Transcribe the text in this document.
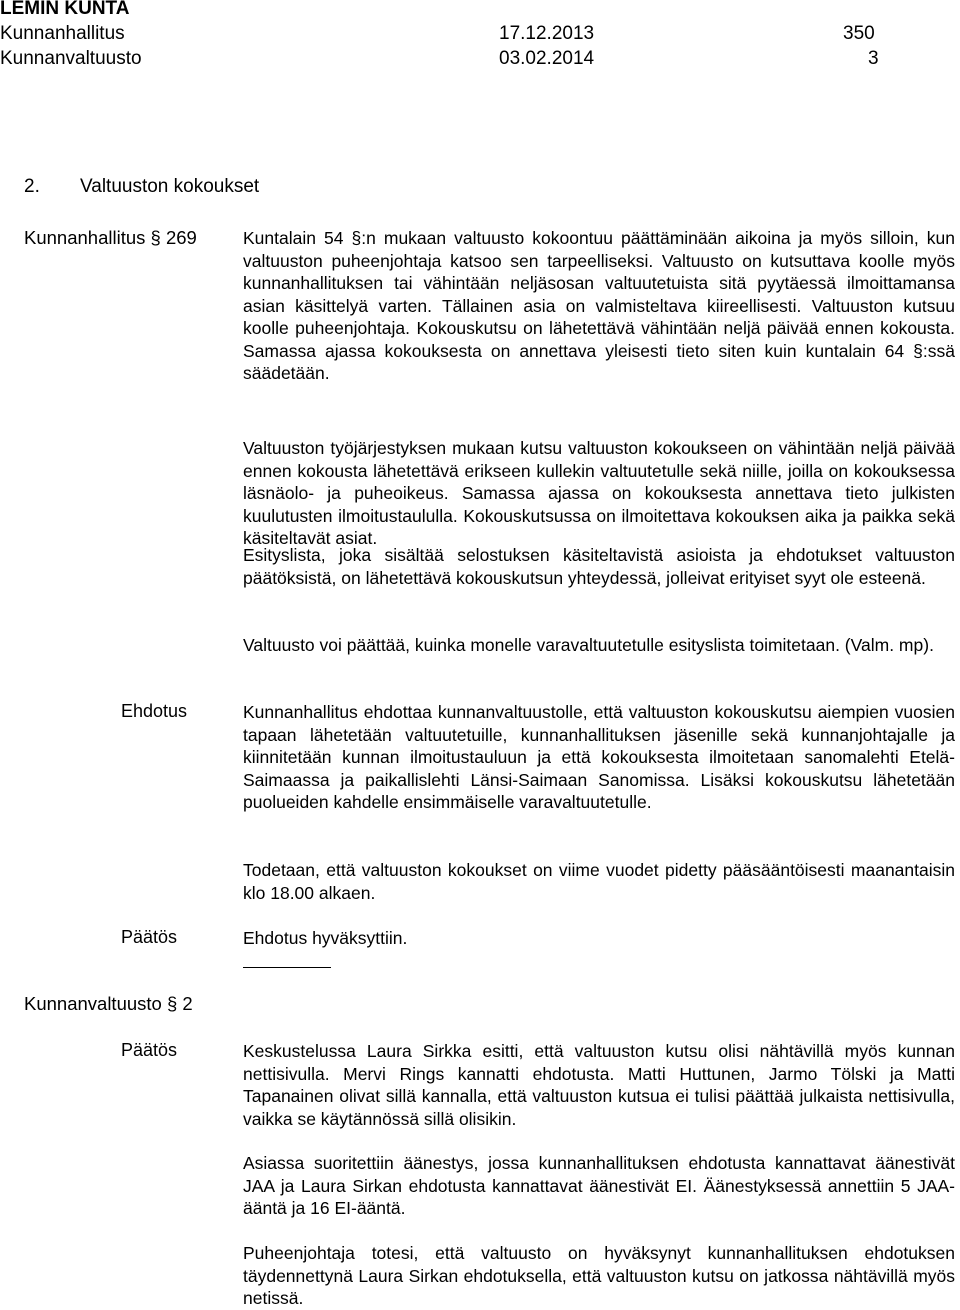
LEMIN KUNTA
Kunnanhallitus	17.12.2013	350
Kunnanvaltuusto	03.02.2014	3
2. Valtuuston kokoukset
Kunnanhallitus § 269	Kuntalain 54 §:n mukaan valtuusto kokoontuu päättäminään aikoina ja myös silloin, kun valtuuston puheenjohtaja katsoo sen tarpeelliseksi. Valtuusto on kutsuttava koolle myös kunnanhallituksen tai vähintään neljäsosan valtuutetuista sitä pyytäessä ilmoittamansa asian käsittelyä varten. Tällainen asia on valmisteltava kiireellisesti. Valtuuston kutsuu koolle puheenjohtaja. Kokouskutsu on lähetettävä vähintään neljä päivää ennen kokousta. Samassa ajassa kokouksesta on annettava yleisesti tieto siten kuin kuntalain 64 §:ssä säädetään.
Valtuuston työjärjestyksen mukaan kutsu valtuuston kokoukseen on vähintään neljä päivää ennen kokousta lähetettävä erikseen kullekin valtuutetulle sekä niille, joilla on kokouksessa läsnäolo- ja puheoikeus. Samassa ajassa on kokouksesta annettava tieto julkisten kuulutusten ilmoitustaululla. Kokouskutsussa on ilmoitettava kokouksen aika ja paikka sekä käsiteltavät asiat.
Esityslista, joka sisältää selostuksen käsiteltavistä asioista ja ehdotukset valtuuston päätöksistä, on lähetettävä kokouskutsun yhteydessä, jolleivat erityiset syyt ole esteenä.
Valtuusto voi päättää, kuinka monelle varavaltuutetulle esityslista toimitetaan. (Valm. mp).
Ehdotus	Kunnanhallitus ehdottaa kunnanvaltuustolle, että valtuuston kokouskutsu aiempien vuosien tapaan lähetetään valtuutetuille, kunnanhallituksen jäsenille sekä kunnanjohtajalle ja kiinnitetään kunnan ilmoitustauluun ja että kokouksesta ilmoitetaan sanomalehti Etelä-Saimaassa ja paikallislehti Länsi-Saimaan Sanomissa. Lisäksi kokouskutsu lähetetään puolueiden kahdelle ensimmäiselle varavaltuutetulle.
Todetaan, että valtuuston kokoukset on viime vuodet pidetty pääsääntöisesti maanantaisin klo 18.00 alkaen.
Päätös	Ehdotus hyväksyttiin.
Kunnanvaltuusto § 2
Päätös	Keskustelussa Laura Sirkka esitti, että valtuuston kutsu olisi nähtävillä myös kunnan nettisivulla. Mervi Rings kannatti ehdotusta. Matti Huttunen, Jarmo Tölski ja Matti Tapanainen olivat sillä kannalla, että valtuuston kutsua ei tulisi päättää julkaista nettisivulla, vaikka se käytännössä sillä olisikin.
Asiassa suoritettiin äänestys, jossa kunnanhallituksen ehdotusta kannattavat äänestivät JAA ja Laura Sirkan ehdotusta kannattavat äänestivät EI. Äänestyksessä annettiin 5 JAA-ääntä ja 16 EI-ääntä.
Puheenjohtaja totesi, että valtuusto on hyväksynyt kunnanhallituksen ehdotuksen täydennettynä Laura Sirkan ehdotuksella, että valtuuston kutsu on jatkossa nähtävillä myös netissä.
